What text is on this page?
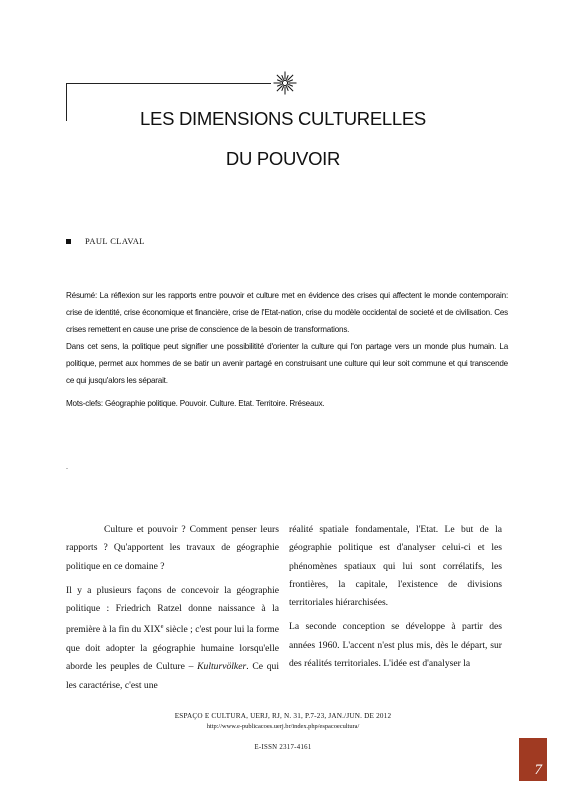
LES DIMENSIONS CULTURELLES
DU POUVOIR
PAUL CLAVAL

Résumé: La réflexion sur les rapports entre pouvoir et culture met en évidence des crises qui affectent le monde contemporain: crise de identité, crise économique et financière, crise de l'Etat-nation, crise du modèle occidental de societé et de civilisation. Ces crises remettent en cause une prise de conscience de la besoin de transformations.

Dans cet sens, la politique peut signifier une possibilitité d'orienter la culture qui l'on partage vers un monde plus humain. La politique, permet aux hommes de se batir un avenir partagé en construisant une culture qui leur soit commune et qui transcende ce qui jusqu'alors les séparait.

Mots-clefs: Géographie politique. Pouvoir. Culture. Etat. Territoire. Rréseaux.
.

Culture et pouvoir ? Comment penser leurs rapports ? Qu'apportent les travaux de géographie politique en ce domaine ?

Il y a plusieurs façons de concevoir la géographie politique : Friedrich Ratzel donne naissance à la première à la fin du XIXe siècle ; c'est pour lui la forme que doit adopter la géographie humaine lorsqu'elle aborde les peuples de Culture – Kulturvölker. Ce qui les caractérise, c'est une

réalité spatiale fondamentale, l'Etat. Le but de la géographie politique est d'analyser celui-ci et les phénomènes spatiaux qui lui sont corrélatifs, les frontières, la capitale, l'existence de divisions territoriales hiérarchisées.

La seconde conception se développe à partir des années 1960. L'accent n'est plus mis, dès le départ, sur des réalités territoriales. L'idée est d'analyser la

ESPAÇO E CULTURA, UERJ, RJ, N. 31, P.7-23, JAN./JUN. DE 2012
http://www.e-publicacoes.uerj.br/index.php/espacoecultura/
E-ISSN 2317-4161
7
